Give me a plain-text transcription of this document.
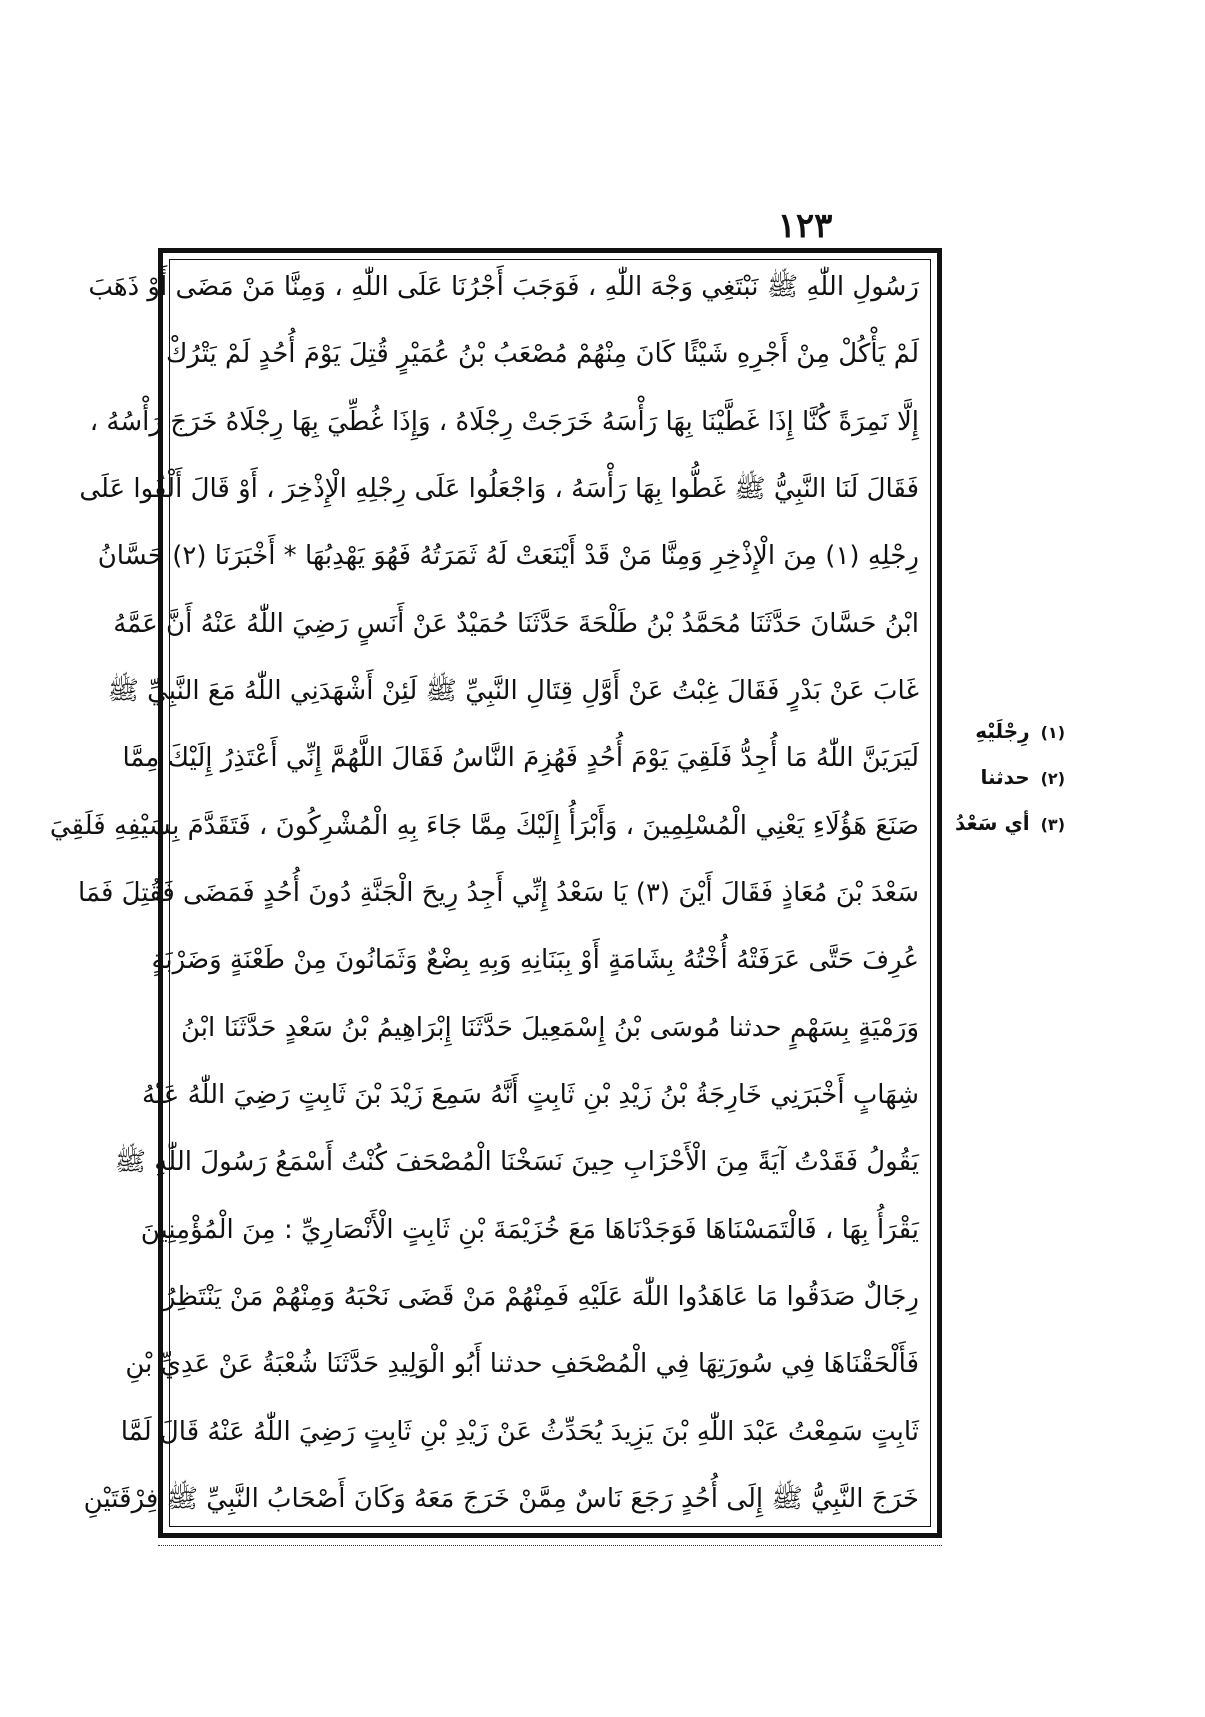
١٢٣
رَسُولِ اللّٰهِ ﷺ نَبْتَغِي وَجْهَ اللّٰهِ ، فَوَجَبَ أَجْرُنَا عَلَى اللّٰهِ ، وَمِنَّا مَنْ مَضَى أَوْ ذَهَبَ
لَمْ يَأْكُلْ مِنْ أَجْرِهِ شَيْئًا كَانَ مِنْهُمْ مُصْعَبُ بْنُ عُمَيْرٍ قُتِلَ يَوْمَ أُحُدٍ لَمْ يَتْرُكْ
إِلَّا نَمِرَةً كُنَّا إِذَا غَطَّيْنَا بِهَا رَأْسَهُ خَرَجَتْ رِجْلَاهُ ، وَإِذَا غُطِّيَ بِهَا رِجْلَاهُ خَرَجَ رَأْسُهُ ،
فَقَالَ لَنَا النَّبِيُّ ﷺ غَطُّوا بِهَا رَأْسَهُ ، وَاجْعَلُوا عَلَى رِجْلِهِ الْإِذْخِرَ ، أَوْ قَالَ أَلْقُوا عَلَى
رِجْلِهِ (١) مِنَ الْإِذْخِرِ وَمِنَّا مَنْ قَدْ أَيْنَعَتْ لَهُ ثَمَرَتُهُ فَهُوَ يَهْدِبُهَا * أَخْبَرَنَا (٢) حَسَّانُ
ابْنُ حَسَّانَ حَدَّثَنَا مُحَمَّدُ بْنُ طَلْحَةَ حَدَّثَنَا حُمَيْدٌ عَنْ أَنَسٍ رَضِيَ اللّٰهُ عَنْهُ أَنَّ عَمَّهُ
غَابَ عَنْ بَدْرٍ فَقَالَ غِبْتُ عَنْ أَوَّلِ قِتَالِ النَّبِيِّ ﷺ لَئِنْ أَشْهَدَنِي اللّٰهُ مَعَ النَّبِيِّ ﷺ
لَيَرَيَنَّ اللّٰهُ مَا أُجِدُّ فَلَقِيَ يَوْمَ أُحُدٍ فَهُزِمَ النَّاسُ فَقَالَ اللَّهُمَّ إِنِّي أَعْتَذِرُ إِلَيْكَ مِمَّا
صَنَعَ هَؤُلَاءِ يَعْنِي الْمُسْلِمِينَ ، وَأَبْرَأُ إِلَيْكَ مِمَّا جَاءَ بِهِ الْمُشْرِكُونَ ، فَتَقَدَّمَ بِسَيْفِهِ فَلَقِيَ
سَعْدَ بْنَ مُعَاذٍ فَقَالَ أَيْنَ (٣) يَا سَعْدُ إِنِّي أَجِدُ رِيحَ الْجَنَّةِ دُونَ أُحُدٍ فَمَضَى فَقُتِلَ فَمَا
عُرِفَ حَتَّى عَرَفَتْهُ أُخْتُهُ بِشَامَةٍ أَوْ بِبَنَانِهِ وَبِهِ بِضْعٌ وَثَمَانُونَ مِنْ طَعْنَةٍ وَضَرْبَةٍ
وَرَمْيَةٍ بِسَهْمٍ حدثنا مُوسَى بْنُ إِسْمَعِيلَ حَدَّثَنَا إِبْرَاهِيمُ بْنُ سَعْدٍ حَدَّثَنَا ابْنُ
شِهَابٍ أَخْبَرَنِي خَارِجَةُ بْنُ زَيْدِ بْنِ ثَابِتٍ أَنَّهُ سَمِعَ زَيْدَ بْنَ ثَابِتٍ رَضِيَ اللّٰهُ عَنْهُ
يَقُولُ فَقَدْتُ آيَةً مِنَ الْأَحْزَابِ حِينَ نَسَخْنَا الْمُصْحَفَ كُنْتُ أَسْمَعُ رَسُولَ اللّٰهِ ﷺ
يَقْرَأُ بِهَا ، فَالْتَمَسْنَاهَا فَوَجَدْنَاهَا مَعَ خُزَيْمَةَ بْنِ ثَابِتٍ الْأَنْصَارِيِّ : مِنَ الْمُؤْمِنِينَ
رِجَالٌ صَدَقُوا مَا عَاهَدُوا اللّٰهَ عَلَيْهِ فَمِنْهُمْ مَنْ قَضَى نَحْبَهُ وَمِنْهُمْ مَنْ يَنْتَظِرُ
فَأَلْحَقْنَاهَا فِي سُورَتِهَا فِي الْمُصْحَفِ حدثنا أَبُو الْوَلِيدِ حَدَّثَنَا شُعْبَةُ عَنْ عَدِيِّ بْنِ
ثَابِتٍ سَمِعْتُ عَبْدَ اللّٰهِ بْنَ يَزِيدَ يُحَدِّثُ عَنْ زَيْدِ بْنِ ثَابِتٍ رَضِيَ اللّٰهُ عَنْهُ قَالَ لَمَّا
خَرَجَ النَّبِيُّ ﷺ إِلَى أُحُدٍ رَجَعَ نَاسٌ مِمَّنْ خَرَجَ مَعَهُ وَكَانَ أَصْحَابُ النَّبِيِّ ﷺ فِرْقَتَيْنِ
(١) رِجْلَيْهِ
(٢) حدثنا
(٣) أي سَعْدُ
